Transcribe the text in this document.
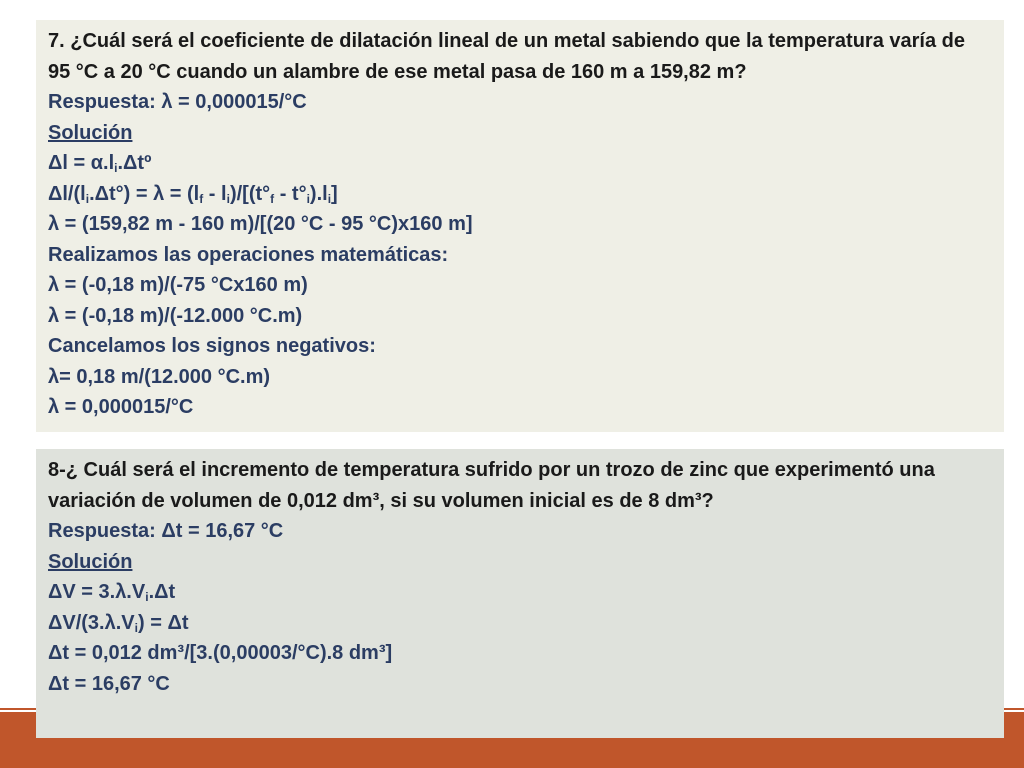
7. ¿Cuál será el coeficiente de dilatación lineal de un metal sabiendo que la temperatura varía de 95 °C a 20 °C cuando un alambre de ese metal pasa de 160 m a 159,82 m?
Respuesta: λ = 0,000015/°C
Solución
$\Delta l = \alpha.l_i.\Delta tº$
$\Delta l/(l_i.\Delta t^\circ) = \lambda = (l_f - l_i)/[(t^\circ_f - t^\circ_i).l_i]$
λ = (159,82 m - 160 m)/[(20 °C - 95 °C)x160 m]
Realizamos las operaciones matemáticas:
λ = (-0,18 m)/(-75 °Cx160 m)
λ = (-0,18 m)/(-12.000 °C.m)
Cancelamos los signos negativos:
λ= 0,18 m/(12.000 °C.m)
λ = 0,000015/°C
8-¿ Cuál será el incremento de temperatura sufrido por un trozo de zinc que experimentó una variación de volumen de 0,012 dm³, si su volumen inicial es de 8 dm³?
Respuesta: Δt = 16,67 °C
Solución
$\Delta V = 3.\lambda.V_i.\Delta t$
$\Delta V/(3.\lambda.V_i) = \Delta t$
Δt = 0,012 dm³/[3.(0,00003/°C).8 dm³]
Δt = 16,67 °C
